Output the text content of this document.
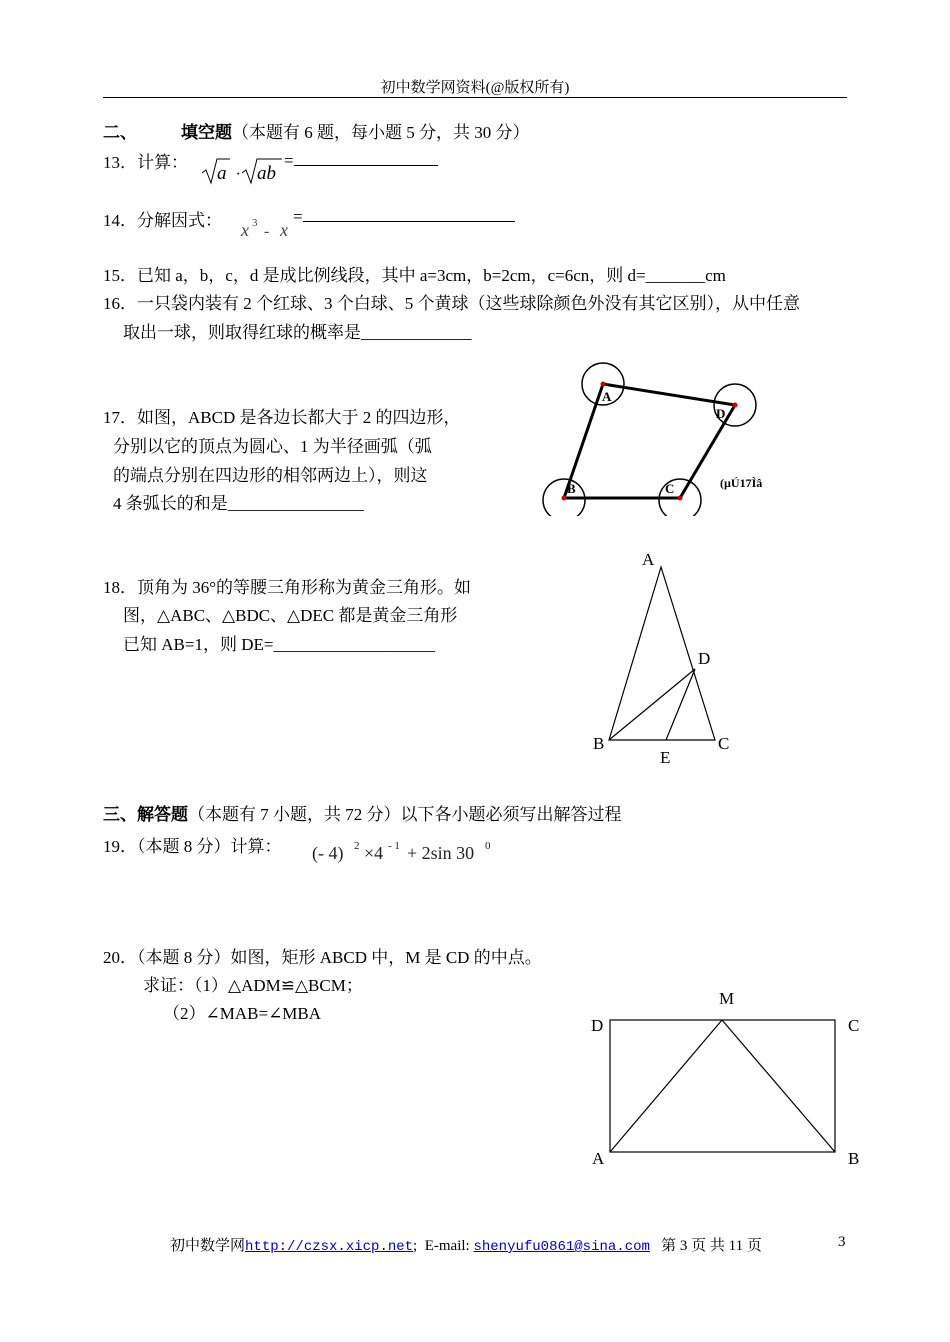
初中数学网资料(@版权所有)
二、	填空题（本题有 6 题，每小题 5 分，共 30 分）
13．计算：
a · ab
=
14．分解因式： x 3 - x
=
15．已知 a，b，c，d 是成比例线段，其中 a=3cm，b=2cm，c=6cn，则 d=_______cm
16．一只袋内装有 2 个红球、3 个白球、5 个黄球（这些球除颜色外没有其它区别），从中任意
取出一球，则取得红球的概率是_____________
17．如图，ABCD 是各边长都大于 2 的四边形，
分别以它的顶点为圆心、1 为半径画弧（弧
的端点分别在四边形的相邻两边上），则这
4 条弧长的和是________________
A
D
B	C	(µÚ17Ìâ
18．顶角为 36°的等腰三角形称为黄金三角形。如
图，△ABC、△BDC、△DEC 都是黄金三角形
已知 AB=1，则 DE=___________________
A
D
B	C
E
三、解答题（本题有 7 小题，共 72 分）以下各小题必须写出解答过程
19．（本题 8 分）计算： (- 4) 2 ×4 - 1 + 2sin 30 0
20．（本题 8 分）如图，矩形 ABCD 中，M 是 CD 的中点。
求证：（1）△ADM≌△BCM；
（2）∠MAB=∠MBA
M
D	C
A	B
初中数学网http://czsx.xicp.net; E-mail: shenyufu0861@sina.com 第 3 页 共 11 页	3
